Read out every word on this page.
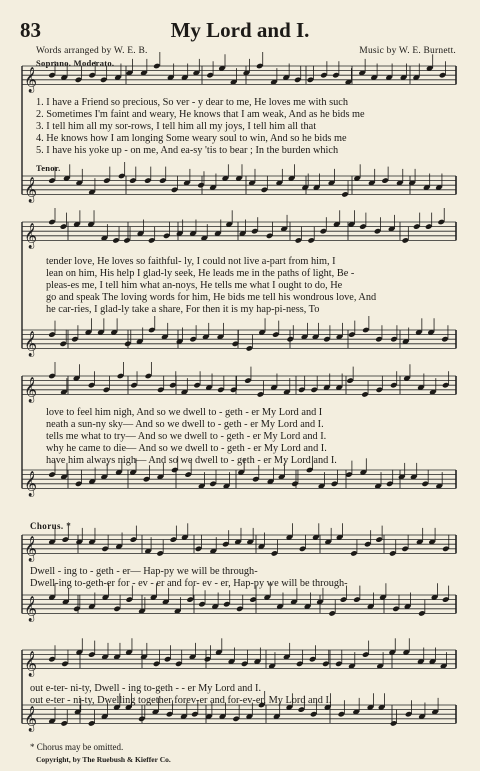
83	My Lord and I.
Words arranged by W. E. B.	Music by W. E. Burnett.
Soprano. Moderato.
𝄞
𝄞
𝄞
𝄞
𝄞
𝄞
𝄞
𝄞
𝄞
𝄞
1. I have a Friend so precious, So ver - y dear to me, He loves me with such
2. Sometimes I'm faint and weary, He knows that I am weak, And as he bids me
3. I tell him all my sor-rows, I tell him all my joys, I tell him all that
4. He knows how I am longing Some weary soul to win, And so he bids me
5. I have his yoke up - on me, And ea-sy 'tis to bear ; In the burden which
Tenor.
tender love, He loves so faithful- ly, I could not live a-part from him, I
lean on him, His help I glad-ly seek, He leads me in the paths of light, Be -
pleas-es me, I tell him what an-noys, He tells me what I ought to do, He
go and speak The loving words for him, He bids me tell his wondrous love, And
he car-ries, I glad-ly take a share, For then it is my hap-pi-ness, To
love to feel him nigh, And so we dwell to - geth - er My Lord and I
neath a sun-ny sky— And so we dwell to - geth - er My Lord and I.
tells me what to try— And so we dwell to - geth - er My Lord and I.
why he came to die— And so we dwell to - geth - er My Lord and I.
have him always nigh— And so we dwell to - geth - er My Lord and I.
Chorus. *
Dwell - ing to - geth - er— Hap-py we will be through-
Dwell-ing to-geth-er for - ev - er and for- ev - er, Hap-py we will be through-
out e-ter- ni-ty, Dwell - ing to-geth - - er My Lord and I.
out e-ter - ni-ty, Dwelling together forev-er and for-ev-er, My Lord and I.
* Chorus may be omitted.
Copyright, by The Ruebush & Kieffer Co.
